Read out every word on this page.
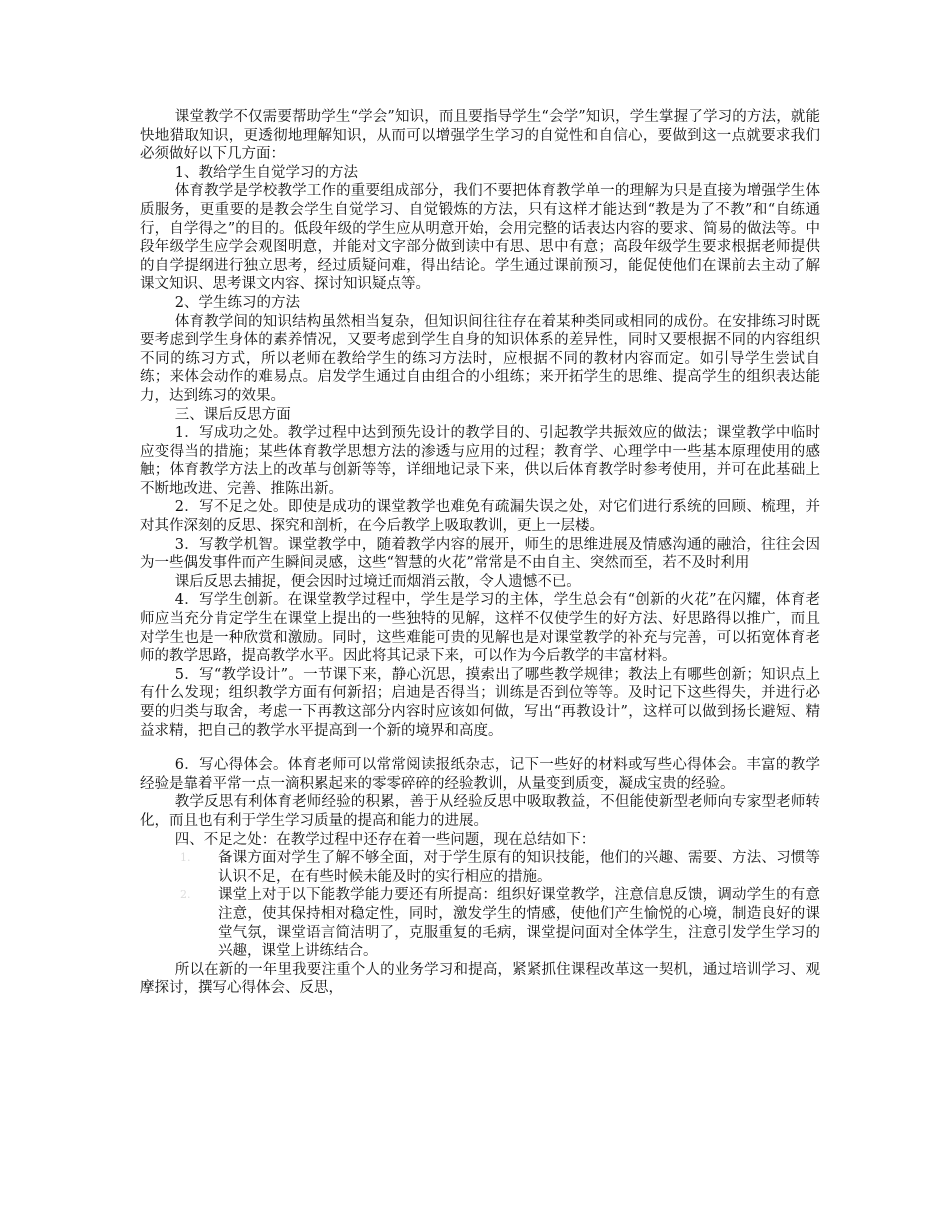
课堂教学不仅需要帮助学生“学会”知识，而且要指导学生“会学”知识，学生掌握了学习的方法，就能快地猎取知识，更透彻地理解知识，从而可以增强学生学习的自觉性和自信心，要做到这一点就要求我们必须做好以下几方面：

1、教给学生自觉学习的方法

体育教学是学校教学工作的重要组成部分，我们不要把体育教学单一的理解为只是直接为增强学生体质服务，更重要的是教会学生自觉学习、自觉锻炼的方法，只有这样才能达到“教是为了不教”和“自练通行，自学得之”的目的。低段年级的学生应从明意开始，会用完整的话表达内容的要求、简易的做法等。中段年级学生应学会观图明意，并能对文字部分做到读中有思、思中有意；高段年级学生要求根据老师提供的自学提纲进行独立思考，经过质疑问难，得出结论。学生通过课前预习，能促使他们在课前去主动了解课文知识、思考课文内容、探讨知识疑点等。

2、学生练习的方法

体育教学间的知识结构虽然相当复杂，但知识间往往存在着某种类同或相同的成份。在安排练习时既要考虑到学生身体的素养情况，又要考虑到学生自身的知识体系的差异性，同时又要根据不同的内容组织不同的练习方式，所以老师在教给学生的练习方法时，应根据不同的教材内容而定。如引导学生尝试自练；来体会动作的难易点。启发学生通过自由组合的小组练；来开拓学生的思维、提高学生的组织表达能力，达到练习的效果。

三、课后反思方面

1．写成功之处。教学过程中达到预先设计的教学目的、引起教学共振效应的做法；课堂教学中临时应变得当的措施；某些体育教学思想方法的渗透与应用的过程；教育学、心理学中一些基本原理使用的感触；体育教学方法上的改革与创新等等，详细地记录下来，供以后体育教学时参考使用，并可在此基础上不断地改进、完善、推陈出新。

2．写不足之处。即使是成功的课堂教学也难免有疏漏失误之处，对它们进行系统的回顾、梳理，并对其作深刻的反思、探究和剖析，在今后教学上吸取教训，更上一层楼。

3．写教学机智。课堂教学中，随着教学内容的展开，师生的思维进展及情感沟通的融洽，往往会因为一些偶发事件而产生瞬间灵感，这些“智慧的火花”常常是不由自主、突然而至，若不及时利用

课后反思去捕捉，便会因时过境迁而烟消云散，令人遗憾不已。

4．写学生创新。在课堂教学过程中，学生是学习的主体，学生总会有“创新的火花”在闪耀，体育老师应当充分肯定学生在课堂上提出的一些独特的见解，这样不仅使学生的好方法、好思路得以推广，而且对学生也是一种欣赏和激励。同时，这些难能可贵的见解也是对课堂教学的补充与完善，可以拓宽体育老师的教学思路，提高教学水平。因此将其记录下来，可以作为今后教学的丰富材料。

5．写“教学设计”。一节课下来，静心沉思，摸索出了哪些教学规律；教法上有哪些创新；知识点上有什么发现；组织教学方面有何新招；启迪是否得当；训练是否到位等等。及时记下这些得失，并进行必要的归类与取舍，考虑一下再教这部分内容时应该如何做，写出“再教设计”，这样可以做到扬长避短、精益求精，把自己的教学水平提高到一个新的境界和高度。

6．写心得体会。体育老师可以常常阅读报纸杂志，记下一些好的材料或写些心得体会。丰富的教学经验是靠着平常一点一滴积累起来的零零碎碎的经验教训，从量变到质变，凝成宝贵的经验。

教学反思有利体育老师经验的积累，善于从经验反思中吸取教益，不但能使新型老师向专家型老师转化，而且也有利于学生学习质量的提高和能力的进展。

四、不足之处：在教学过程中还存在着一些问题，现在总结如下：

1. 备课方面对学生了解不够全面，对于学生原有的知识技能，他们的兴趣、需要、方法、习惯等认识不足，在有些时候未能及时的实行相应的措施。
2. 课堂上对于以下能教学能力要还有所提高：组织好课堂教学，注意信息反馈，调动学生的有意注意，使其保持相对稳定性，同时，激发学生的情感，使他们产生愉悦的心境，制造良好的课堂气氛，课堂语言简洁明了，克服重复的毛病，课堂提问面对全体学生，注意引发学生学习的兴趣，课堂上讲练结合。

所以在新的一年里我要注重个人的业务学习和提高，紧紧抓住课程改革这一契机，通过培训学习、观摩探讨，撰写心得体会、反思，
